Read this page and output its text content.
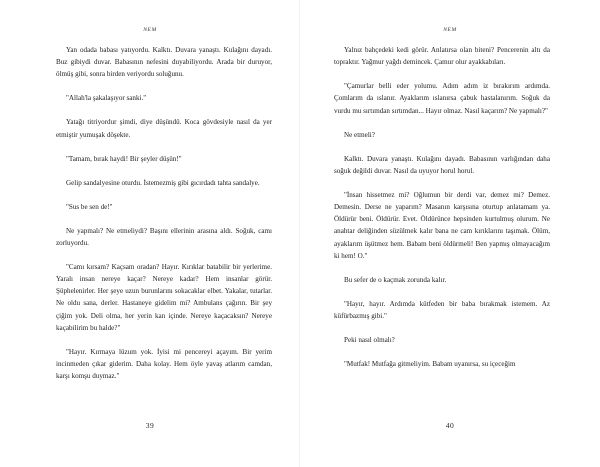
NEM

Yan odada babası yatıyordu. Kalktı. Duvara yanaştı. Kulağını dayadı. Buz gibiydi duvar. Babasının nefesini duyabiliyordu. Arada bir duruyor, ölmüş gibi, sonra birden veriyordu soluğunu.

"Allah'la şakalaşıyor sanki."

Yatağı titriyordur şimdi, diye düşündü. Koca gövdesiyle nasıl da yer etmiştir yumuşak döşekte.

"Tamam, bırak haydi! Bir şeyler düşün!"

Gelip sandalyesine oturdu. İstemezmiş gibi gıcırdadı tahta sandalye.

"Sus be sen de!"

Ne yapmalı? Ne etmeliydi? Başını ellerinin arasına aldı. Soğuk, camı zorluyordu.

"Camı kırsam? Kaçsam oradan? Hayır. Kırıklar batabilir bir yerlerime. Yaralı insan nereye kaçar? Nereye kadar? Hem insanlar görür. Şüphelenirler. Her şeye uzun burunlarını sokacaklar elbet. Yakalar, tutarlar. Ne oldu sana, derler. Hastaneye gidelim mi? Ambulans çağırın. Bir şey çiğim yok. Deli olma, her yerin kan içinde. Nereye kaçacaksın? Nereye kaçabilirim bu halde?"

"Hayır. Kırmaya lüzum yok. İyisi mi pencereyi açayım. Bir yerim incinmeden çıkar giderim. Daha kolay. Hem öyle yavaş atlarım camdan, karşı komşu duymaz."

39
NEM

Yalnız bahçedeki kedi görür. Anlatırsa olan biteni? Pencerenin altı da topraktır. Yağmur yağdı demincek. Çamur olur ayakkabıları.

"Çamurlar belli eder yolumu. Adım adım iz bırakırım ardımda. Çomlarım da ıslanır. Ayaklarım ıslanırsa çabuk hastalanırım. Soğuk da vurdu mu sırtımdan sırtımdan... Hayır olmaz. Nasıl kaçarım? Ne yapmalı?"

Ne etmeli?

Kalktı. Duvara yanaştı. Kulağını dayadı. Babasının varlığından daha soğuk değildi duvar. Nasıl da uyuyor horul horul.

"İnsan hissetmez mi? Oğlumun bir derdi var, demez mi? Demez. Demesin. Derse ne yaparım? Masanın karşısına oturtup anlatamam ya. Öldürür beni. Öldürür. Evet. Öldürünce hepsinden kurtulmuş olurum. Ne anahtar deliğinden süzülmek kalır bana ne cam kırıklarını taşımak. Ölüm, ayaklarım üşütmez hem. Babam beni öldürmeli! Ben yapmış olmayacağım ki hem! O."

Bu sefer de o kaçmak zorunda kalır.

"Hayır, hayır. Ardımda kütfeden bir baba bırakmak istemem. Az küfürbazmış gibi."

Peki nasıl olmalı?

"Mutfak! Mutfağa gitmeliyim. Babam uyanırsa, su içeceğim

40
